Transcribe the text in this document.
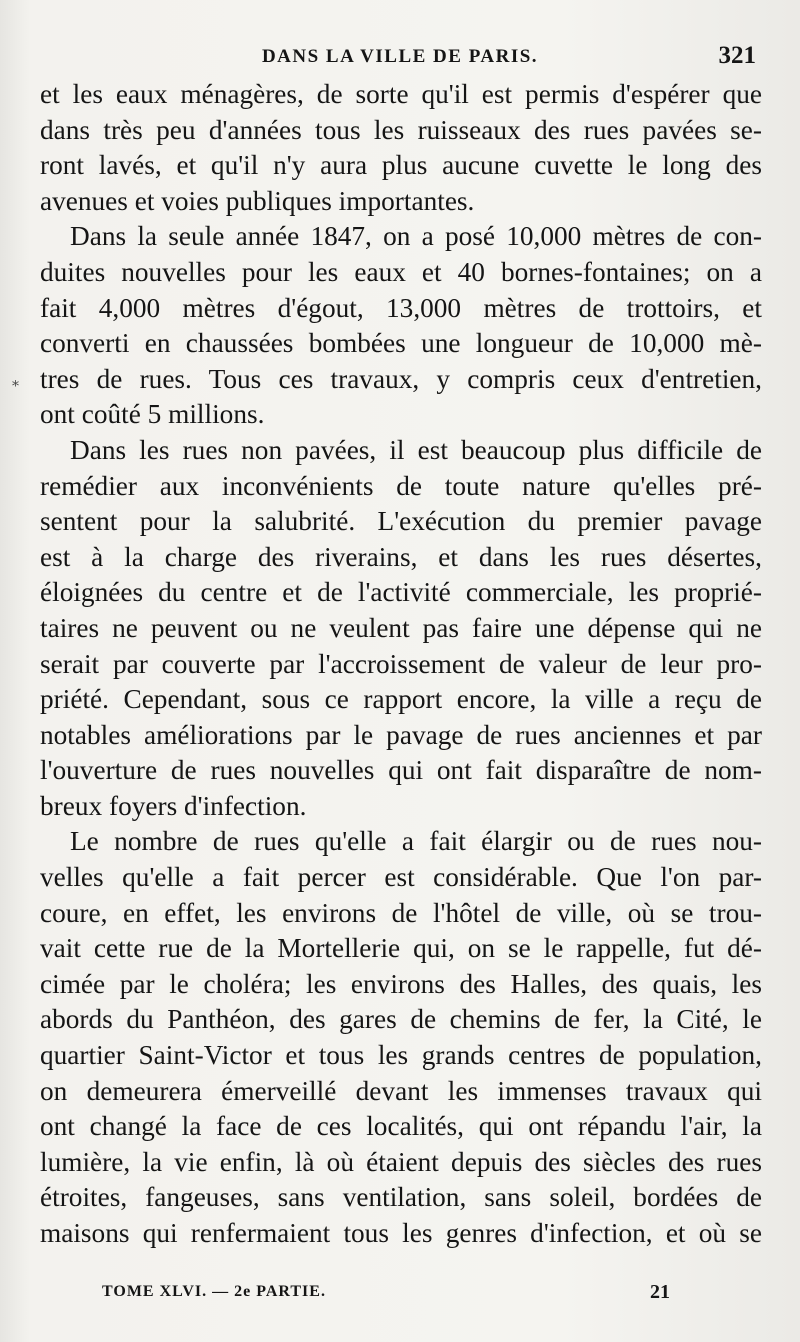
DANS LA VILLE DE PARIS.	321
⁎
et les eaux ménagères, de sorte qu'il est permis d'espérer que
dans très peu d'années tous les ruisseaux des rues pavées se-
ront lavés, et qu'il n'y aura plus aucune cuvette le long des
avenues et voies publiques importantes.
Dans la seule année 1847, on a posé 10,000 mètres de con-
duites nouvelles pour les eaux et 40 bornes-fontaines; on a
fait 4,000 mètres d'égout, 13,000 mètres de trottoirs, et
converti en chaussées bombées une longueur de 10,000 mè-
tres de rues. Tous ces travaux, y compris ceux d'entretien,
ont coûté 5 millions.
Dans les rues non pavées, il est beaucoup plus difficile de
remédier aux inconvénients de toute nature qu'elles pré-
sentent pour la salubrité. L'exécution du premier pavage
est à la charge des riverains, et dans les rues désertes,
éloignées du centre et de l'activité commerciale, les proprié-
taires ne peuvent ou ne veulent pas faire une dépense qui ne
serait par couverte par l'accroissement de valeur de leur pro-
priété. Cependant, sous ce rapport encore, la ville a reçu de
notables améliorations par le pavage de rues anciennes et par
l'ouverture de rues nouvelles qui ont fait disparaître de nom-
breux foyers d'infection.
Le nombre de rues qu'elle a fait élargir ou de rues nou-
velles qu'elle a fait percer est considérable. Que l'on par-
coure, en effet, les environs de l'hôtel de ville, où se trou-
vait cette rue de la Mortellerie qui, on se le rappelle, fut dé-
cimée par le choléra; les environs des Halles, des quais, les
abords du Panthéon, des gares de chemins de fer, la Cité, le
quartier Saint-Victor et tous les grands centres de population,
on demeurera émerveillé devant les immenses travaux qui
ont changé la face de ces localités, qui ont répandu l'air, la
lumière, la vie enfin, là où étaient depuis des siècles des rues
étroites, fangeuses, sans ventilation, sans soleil, bordées de
maisons qui renfermaient tous les genres d'infection, et où se
TOME XLVI. — 2e PARTIE.	21
